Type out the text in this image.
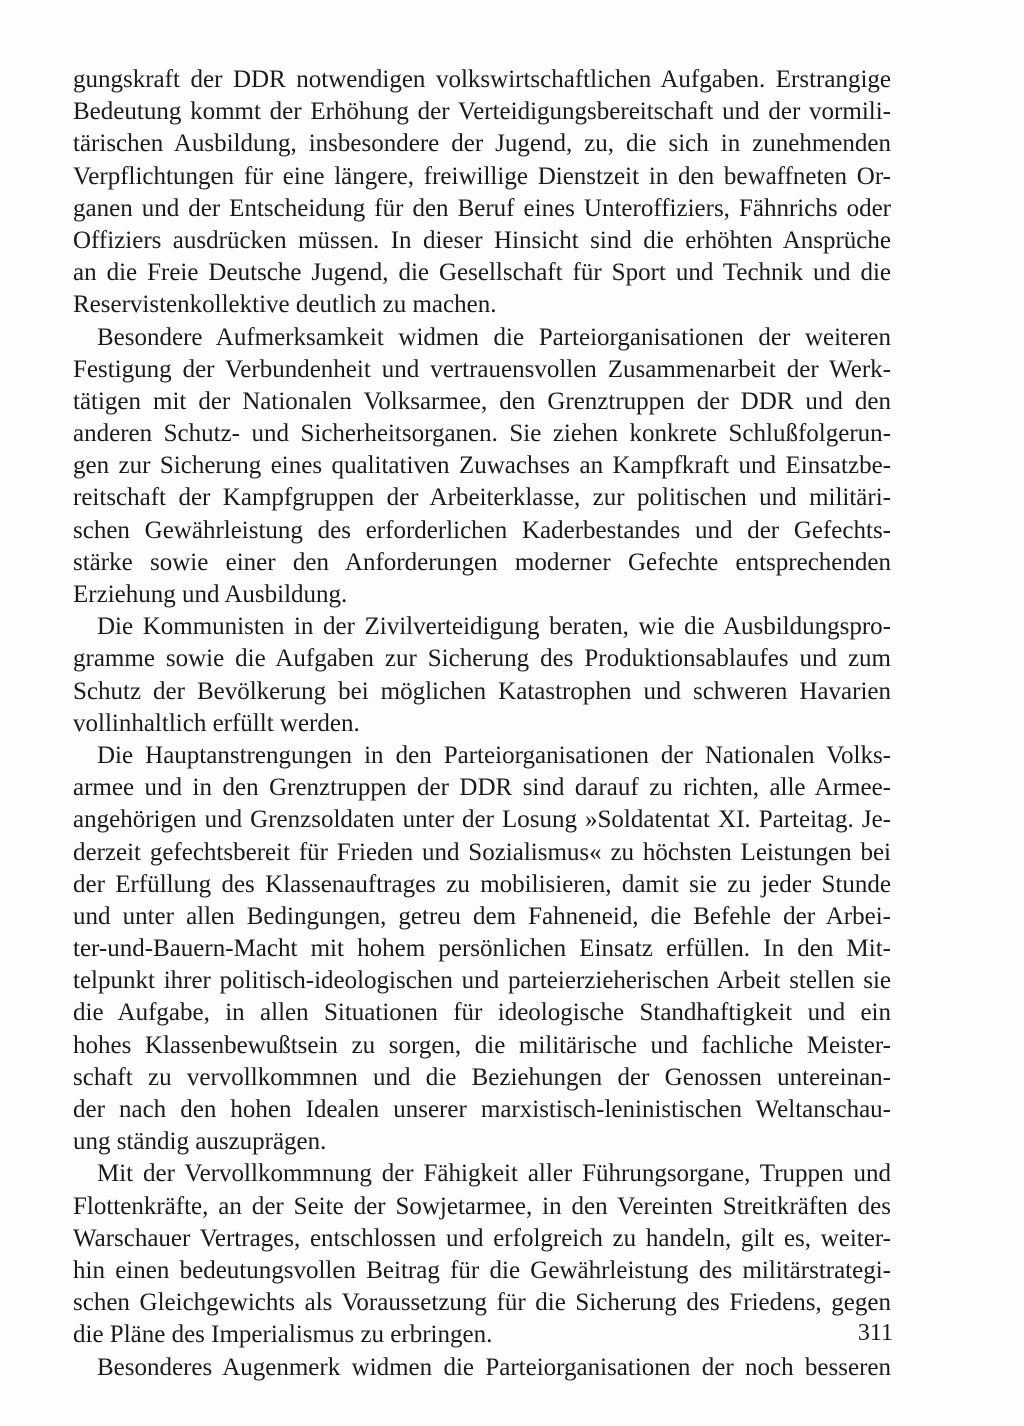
gungskraft der DDR notwendigen volkswirtschaftlichen Aufgaben. Erstrangige
Bedeutung kommt der Erhöhung der Verteidigungsbereitschaft und der vormili-
tärischen Ausbildung, insbesondere der Jugend, zu, die sich in zunehmenden
Verpflichtungen für eine längere, freiwillige Dienstzeit in den bewaffneten Or-
ganen und der Entscheidung für den Beruf eines Unteroffiziers, Fähnrichs oder
Offiziers ausdrücken müssen. In dieser Hinsicht sind die erhöhten Ansprüche
an die Freie Deutsche Jugend, die Gesellschaft für Sport und Technik und die
Reservistenkollektive deutlich zu machen.
Besondere Aufmerksamkeit widmen die Parteiorganisationen der weiteren
Festigung der Verbundenheit und vertrauensvollen Zusammenarbeit der Werk-
tätigen mit der Nationalen Volksarmee, den Grenztruppen der DDR und den
anderen Schutz- und Sicherheitsorganen. Sie ziehen konkrete Schlußfolgerun-
gen zur Sicherung eines qualitativen Zuwachses an Kampfkraft und Einsatzbe-
reitschaft der Kampfgruppen der Arbeiterklasse, zur politischen und militäri-
schen Gewährleistung des erforderlichen Kaderbestandes und der Gefechts-
stärke sowie einer den Anforderungen moderner Gefechte entsprechenden
Erziehung und Ausbildung.
Die Kommunisten in der Zivilverteidigung beraten, wie die Ausbildungspro-
gramme sowie die Aufgaben zur Sicherung des Produktionsablaufes und zum
Schutz der Bevölkerung bei möglichen Katastrophen und schweren Havarien
vollinhaltlich erfüllt werden.
Die Hauptanstrengungen in den Parteiorganisationen der Nationalen Volks-
armee und in den Grenztruppen der DDR sind darauf zu richten, alle Armee-
angehörigen und Grenzsoldaten unter der Losung »Soldatentat XI. Parteitag. Je-
derzeit gefechtsbereit für Frieden und Sozialismus« zu höchsten Leistungen bei
der Erfüllung des Klassenauftrages zu mobilisieren, damit sie zu jeder Stunde
und unter allen Bedingungen, getreu dem Fahneneid, die Befehle der Arbei-
ter-und-Bauern-Macht mit hohem persönlichen Einsatz erfüllen. In den Mit-
telpunkt ihrer politisch-ideologischen und parteierzieherischen Arbeit stellen sie
die Aufgabe, in allen Situationen für ideologische Standhaftigkeit und ein
hohes Klassenbewußtsein zu sorgen, die militärische und fachliche Meister-
schaft zu vervollkommnen und die Beziehungen der Genossen untereinan-
der nach den hohen Idealen unserer marxistisch-leninistischen Weltanschau-
ung ständig auszuprägen.
Mit der Vervollkommnung der Fähigkeit aller Führungsorgane, Truppen und
Flottenkräfte, an der Seite der Sowjetarmee, in den Vereinten Streitkräften des
Warschauer Vertrages, entschlossen und erfolgreich zu handeln, gilt es, weiter-
hin einen bedeutungsvollen Beitrag für die Gewährleistung des militärstrategi-
schen Gleichgewichts als Voraussetzung für die Sicherung des Friedens, gegen
die Pläne des Imperialismus zu erbringen.
Besonderes Augenmerk widmen die Parteiorganisationen der noch besseren
311
